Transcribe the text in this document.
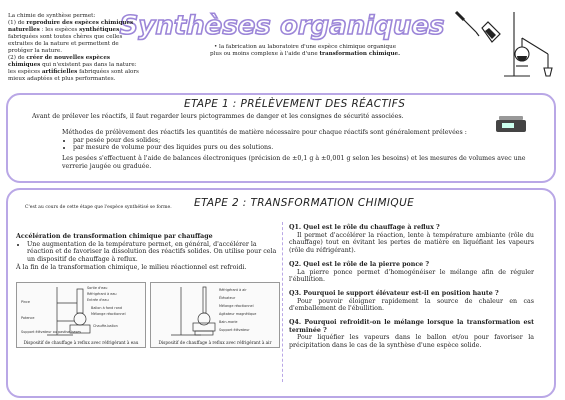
Synthèses organiques
La chimie de synthèse permet:
(1) de reproduire des espèces chimiques
naturelles : les espèces synthétiques
fabriquées sont toutes ch̃ères que celles
extraites de la nature et permettent de
protéger la nature.
(2) de créer de nouvelles espèces
chimiques qui n'existent pas dans la nature:
les espèces artificielles fabriquées sont alors
mieux adaptées et plus performantes.
• la fabrication au laboratoire d'une espèce chimique organique
plus ou moins complexe à l'aide d'une transformation chimique.
ETAPE 1 : PRÉLÈVEMENT DES RÉACTIFS
Avant de prélever les réactifs, il faut regarder leurs pictogrammes de danger et les consignes de sécurité associées.
Méthodes de prélèvement des réactifs les quantités de matière nécessaire pour chaque réactifs sont généralement prélevées :
• par pesée pour des solides;
• par mesure de volume pour des liquides purs ou des solutions.
Les pesées s'effectuent à l'aide de balances électroniques (précision de ±0,1 g à ±0,001 g selon les besoins) et les mesures de volumes avec une
verrerie jaugée ou graduée.
ETAPE 2 : TRANSFORMATION CHIMIQUE
C'est au cours de cette étape que l'espèce synthétisé se forme.
Accélération de transformation chimique par chauffage
• Une augmentation de la température permet, en général, d'accélérer la réaction et de favoriser la dissolution des réactifs solides. On utilise pour cela un dispositif de chauffage à reflux.
À la fin de la transformation chimique, le milieu réactionnel est refroidi.
Sortie d'eau
Réfrigérant à eau
Entrée d'eau
Pince
Ballon à fond rond
Mélange réactionnel
Potence
Chauffe-ballon
Support élévateur ou pastise bases
Dispositif de chauffage à reflux avec réfrigérant à eau
Réfrigérant à air
Élévateur
Mélange réactionnel
Agitateur magnétique
Bain-marie
Support élévateur
Dispositif de chauffage à reflux avec réfrigérant à air
Q1. Quel est le rôle du chauffage à reflux ?
Il permet d'accélérer la réaction, lente à température ambiante (rôle du chauffage) tout en évitant les pertes de matière en liquéfiant les vapeurs (rôle du réfrigérant).
Q2. Quel est le rôle de la pierre ponce ?
La pierre ponce permet d'homogénéiser le mélange afin de réguler l'ébullition.
Q3. Pourquoi le support élévateur est-il en position haute ?
Pour pouvoir éloigner rapidement la source de chaleur en cas d'emballement de l'ébullition.
Q4. Pourquoi refroidit-on le mélange lorsque la transformation est terminée ?
Pour liquéfier les vapeurs dans le ballon et/ou pour favoriser la précipitation dans le cas de la synthèse d'une espèce solide.
